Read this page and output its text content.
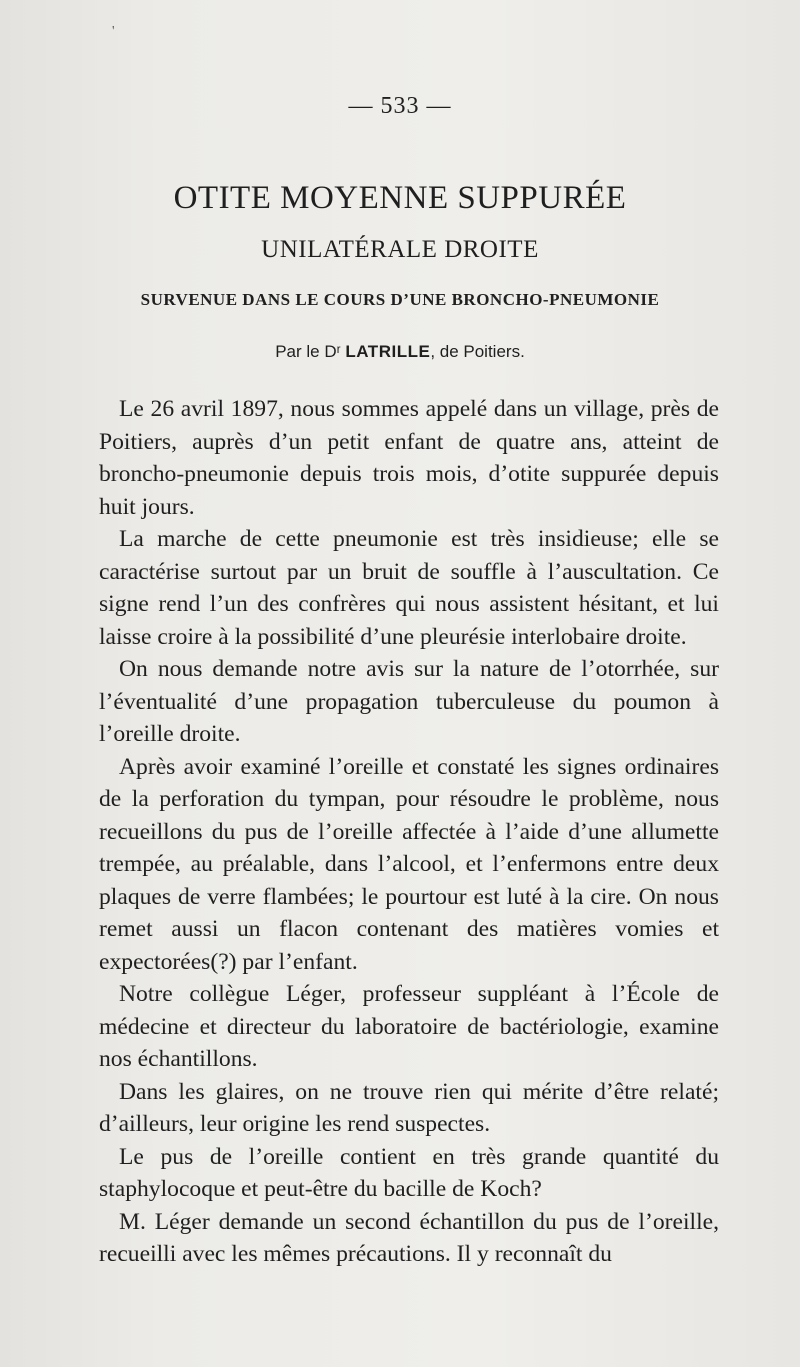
'
— 533 —
OTITE MOYENNE SUPPURÉE
UNILATÉRALE DROITE
SURVENUE DANS LE COURS D’UNE BRONCHO-PNEUMONIE
Par le Dʳ LATRILLE, de Poitiers.

Le 26 avril 1897, nous sommes appelé dans un village, près de Poitiers, auprès d’un petit enfant de quatre ans, atteint de broncho-pneumonie depuis trois mois, d’otite suppurée depuis huit jours.

La marche de cette pneumonie est très insidieuse; elle se caractérise surtout par un bruit de souffle à l’auscultation. Ce signe rend l’un des confrères qui nous assistent hésitant, et lui laisse croire à la possibilité d’une pleurésie interlobaire droite.

On nous demande notre avis sur la nature de l’otorrhée, sur l’éventualité d’une propagation tuberculeuse du poumon à l’oreille droite.

Après avoir examiné l’oreille et constaté les signes ordinaires de la perforation du tympan, pour résoudre le problème, nous recueillons du pus de l’oreille affectée à l’aide d’une allumette trempée, au préalable, dans l’alcool, et l’enfermons entre deux plaques de verre flambées; le pourtour est luté à la cire. On nous remet aussi un flacon contenant des matières vomies et expectorées(?) par l’enfant.

Notre collègue Léger, professeur suppléant à l’École de médecine et directeur du laboratoire de bactériologie, examine nos échantillons.

Dans les glaires, on ne trouve rien qui mérite d’être relaté; d’ailleurs, leur origine les rend suspectes.

Le pus de l’oreille contient en très grande quantité du staphylocoque et peut-être du bacille de Koch?

M. Léger demande un second échantillon du pus de l’oreille, recueilli avec les mêmes précautions. Il y reconnaît du
